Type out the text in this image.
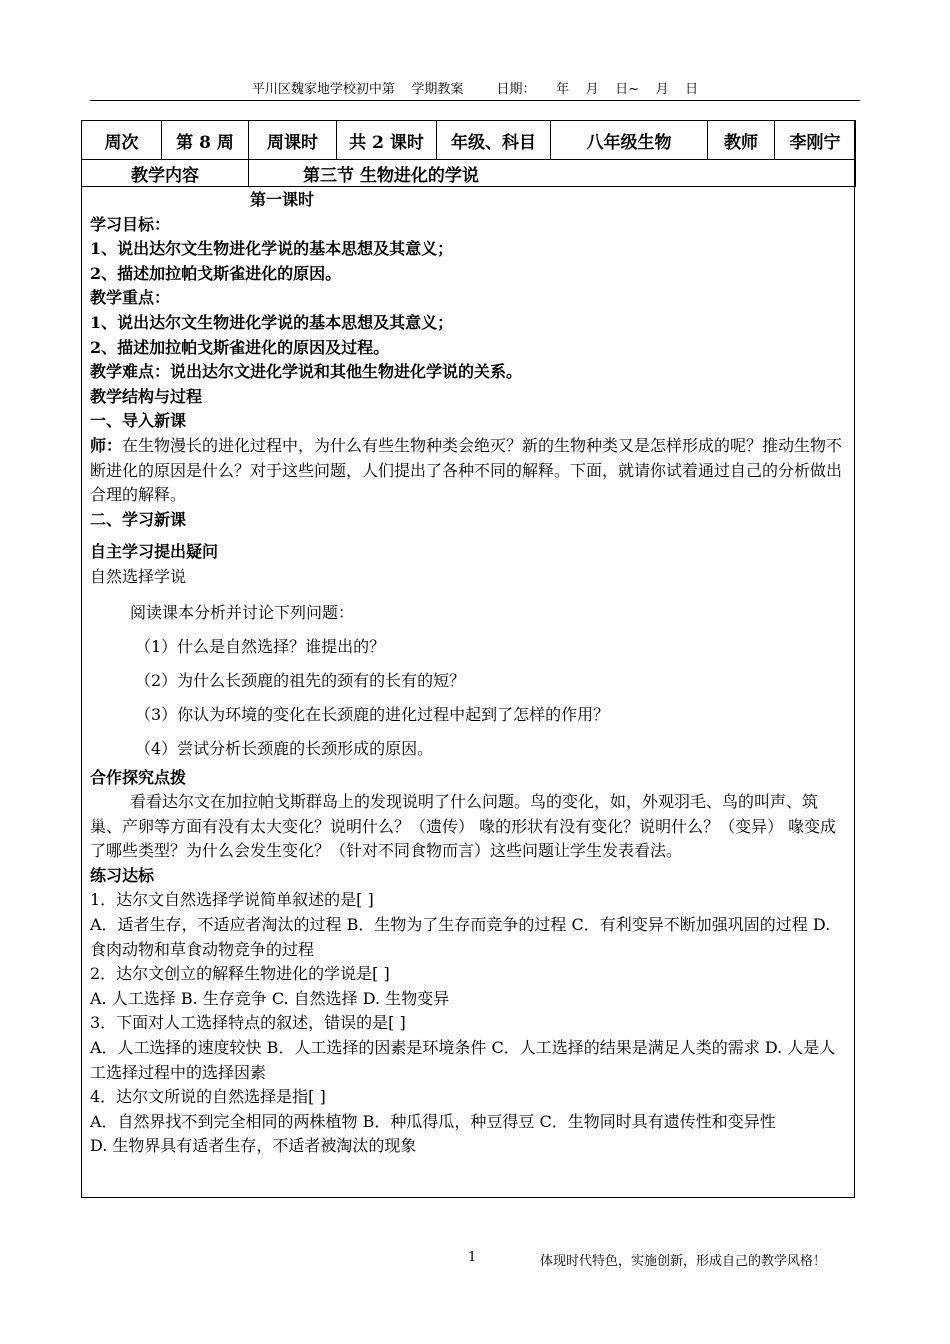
平川区魏家地学校初中第    学期教案        日期：     年    月    日~    月    日
周次	第 8 周	周课时	共 2 课时	年级、科目	八年级生物	教师	李刚宁
教学内容		第三节 生物进化的学说					

第一课时

学习目标：

1、说出达尔文生物进化学说的基本思想及其意义；

2、描述加拉帕戈斯雀进化的原因。

教学重点：

1、说出达尔文生物进化学说的基本思想及其意义；

2、描述加拉帕戈斯雀进化的原因及过程。

教学难点：说出达尔文进化学说和其他生物进化学说的关系。

教学结构与过程

一、导入新课

师：在生物漫长的进化过程中，为什么有些生物种类会绝灭？新的生物种类又是怎样形成的呢？推动生物不断进化的原因是什么？对于这些问题，人们提出了各种不同的解释。下面，就请你试着通过自己的分析做出合理的解释。

二、学习新课

自主学习提出疑问

自然选择学说

阅读课本分析并讨论下列问题：

（1）什么是自然选择？谁提出的？

（2）为什么长颈鹿的祖先的颈有的长有的短？

（3）你认为环境的变化在长颈鹿的进化过程中起到了怎样的作用？

（4）尝试分析长颈鹿的长颈形成的原因。

合作探究点拨

看看达尔文在加拉帕戈斯群岛上的发现说明了什么问题。鸟的变化，如，外观羽毛、鸟的叫声、筑巢、产卵等方面有没有太大变化？说明什么？（遗传） 喙的形状有没有变化？说明什么？（变异） 喙变成了哪些类型？为什么会发生变化？（针对不同食物而言）这些问题让学生发表看法。

练习达标

1．达尔文自然选择学说简单叙述的是[ ]

A．适者生存，不适应者淘汰的过程 B．生物为了生存而竞争的过程 C．有利变异不断加强巩固的过程 D. 食肉动物和草食动物竞争的过程

2．达尔文创立的解释生物进化的学说是[ ]

A. 人工选择 B. 生存竞争 C. 自然选择 D. 生物变异

3．下面对人工选择特点的叙述，错误的是[ ]

A．人工选择的速度较快 B．人工选择的因素是环境条件 C．人工选择的结果是满足人类的需求 D. 人是人工选择过程中的选择因素

4．达尔文所说的自然选择是指[ ]

A．自然界找不到完全相同的两株植物 B．种瓜得瓜，种豆得豆 C．生物同时具有遗传性和变异性

D. 生物界具有适者生存，不适者被淘汰的现象

1	体现时代特色，实施创新，形成自己的教学风格！
